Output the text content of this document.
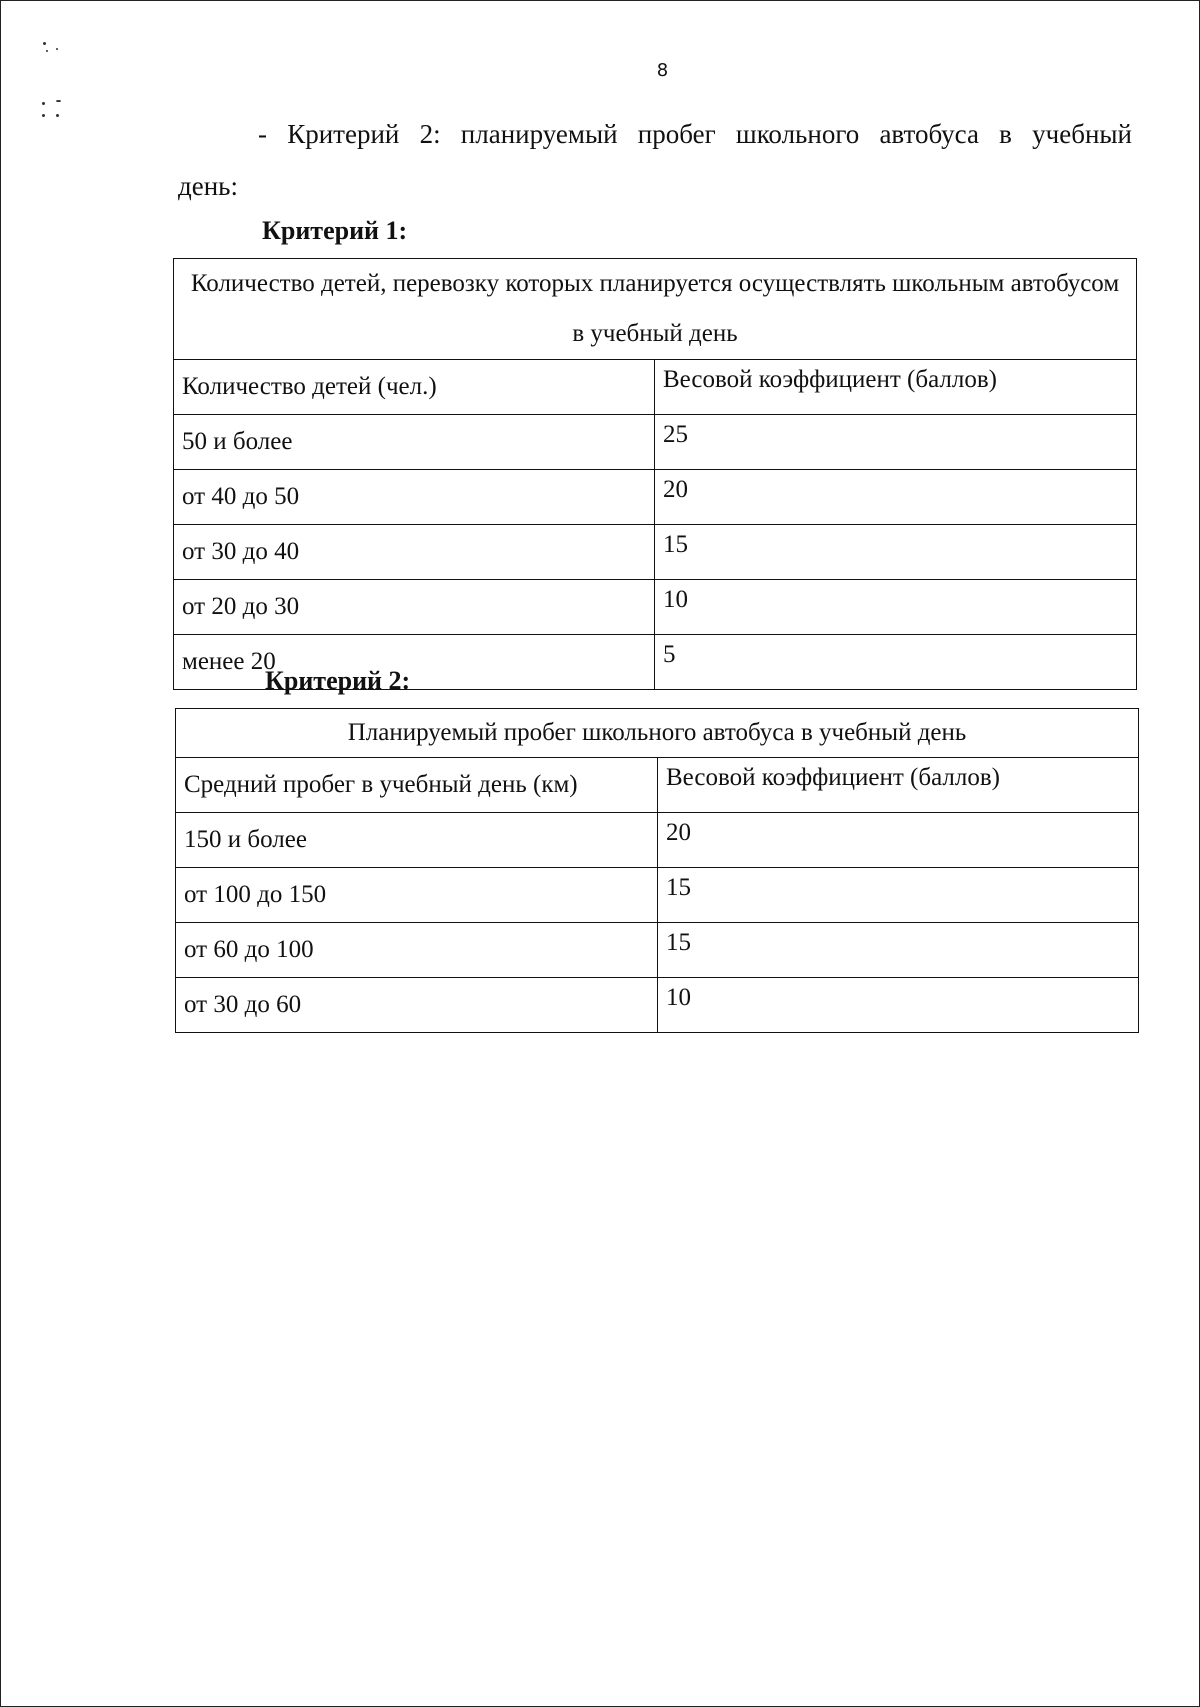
8
- Критерий 2: планируемый пробег школьного автобуса в учебный
день:
Критерий 1:
Количество детей, перевозку которых планируется осуществлять школьным автобусом в учебный день	
Количество детей (чел.)	Весовой коэффициент (баллов)
50 и более	25
от 40 до 50	20
от 30 до 40	15
от 20 до 30	10
менее 20	5
Критерий 2:
Планируемый пробег школьного автобуса в учебный день	
Средний пробег в учебный день (км)	Весовой коэффициент (баллов)
150 и более	20
от 100 до 150	15
от 60 до 100	15
от 30 до 60	10
